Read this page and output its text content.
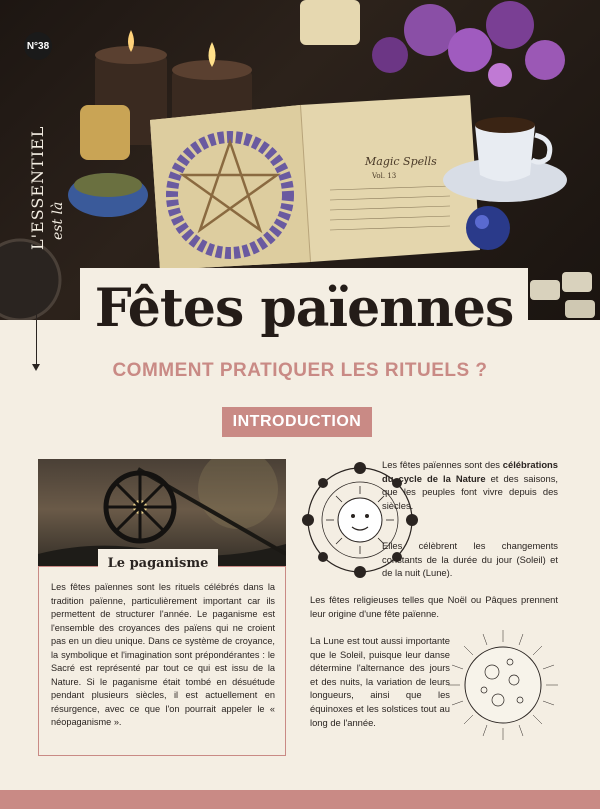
Magic Spells
Vol. 13
N°38
L'ESSENTIEL est là
Fêtes païennes
COMMENT PRATIQUER LES RITUELS ?
INTRODUCTION
Le paganisme
Les fêtes païennes sont les rituels célébrés dans la tradition païenne, particulièrement important car ils permettent de structurer l'année. Le paganisme est l'ensemble des croyances des païens qui ne croient pas en un dieu unique. Dans ce système de croyance, la symbolique et l'imagination sont prépondérantes : le Sacré est représenté par tout ce qui est issu de la Nature. Si le paganisme était tombé en désuétude pendant plusieurs siècles, il est actuellement en résurgence, avec ce que l'on pourrait appeler le « néopaganisme ».

Les fêtes païennes sont des célébrations du cycle de la Nature et des saisons, que les peuples font vivre depuis des siècles.

Elles célèbrent les changements constants de la durée du jour (Soleil) et de la nuit (Lune).

Les fêtes religieuses telles que Noël ou Pâques prennent leur origine d'une fête païenne.

La Lune est tout aussi importante que le Soleil, puisque leur danse détermine l'alternance des jours et des nuits, la variation de leurs longueurs, ainsi que les équinoxes et les solstices tout au long de l'année.
